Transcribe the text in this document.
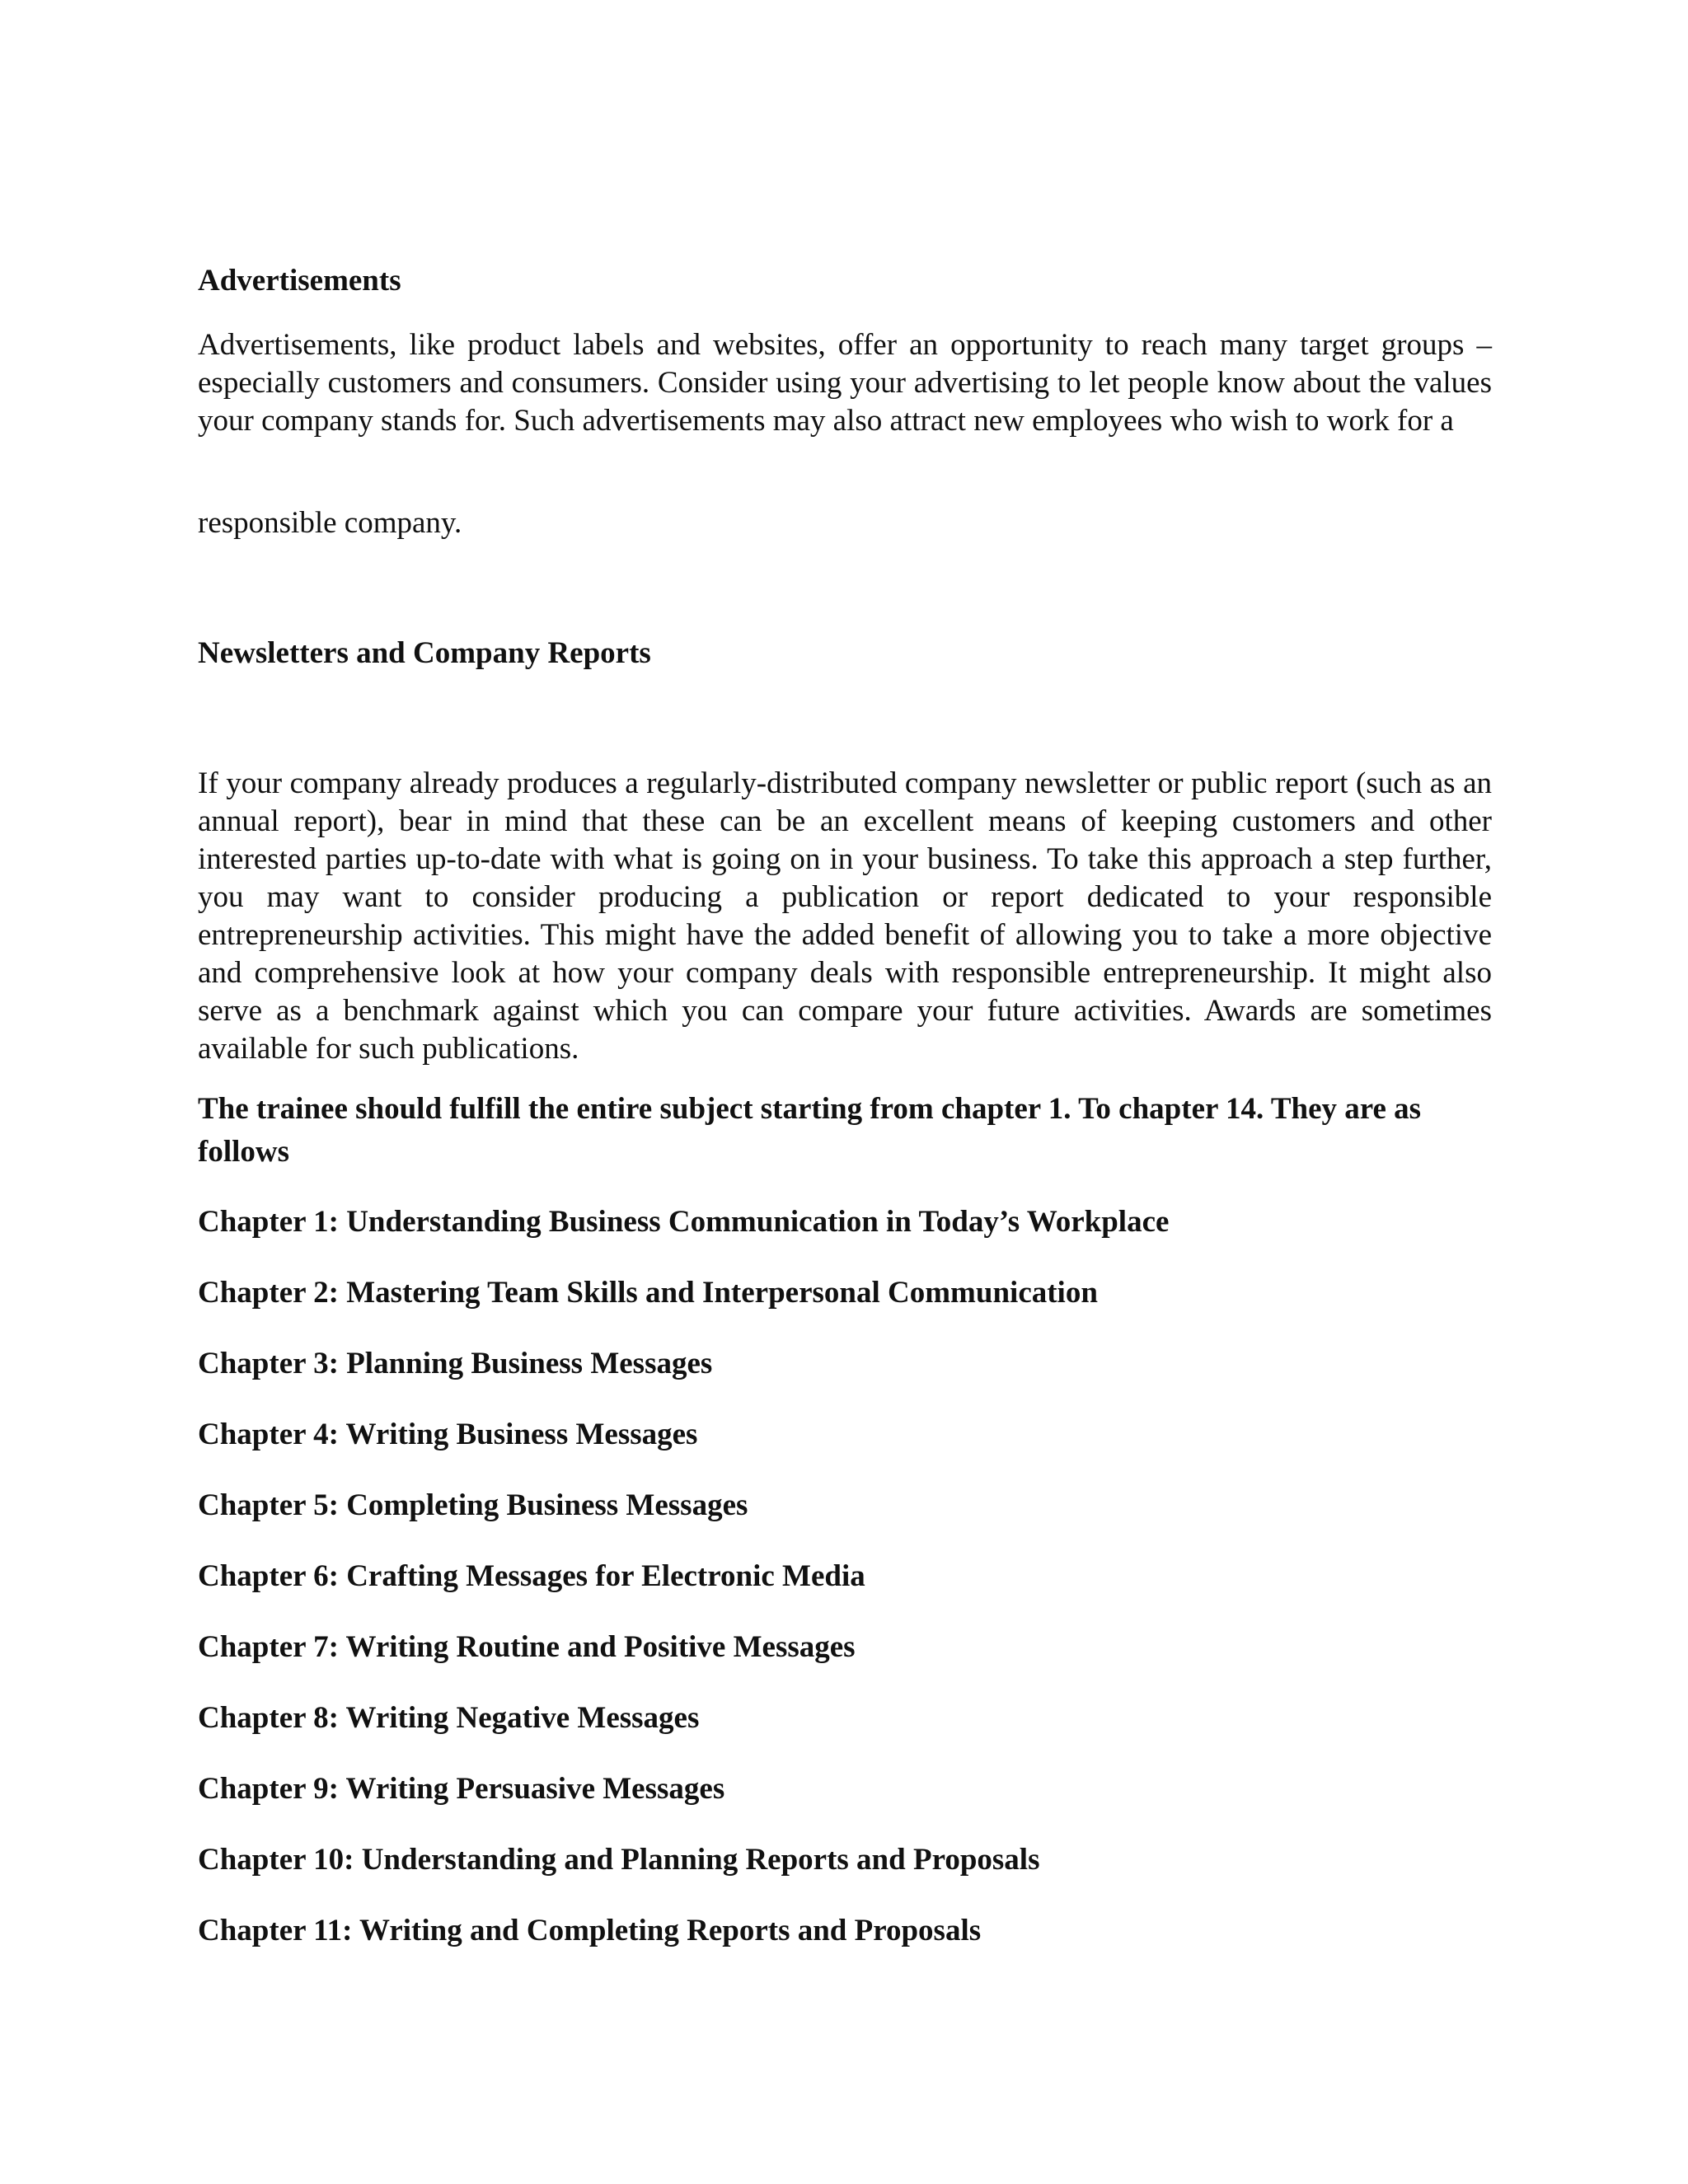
Advertisements

Advertisements, like product labels and websites, offer an opportunity to reach many target groups – especially customers and consumers. Consider using your advertising to let people know about the values your company stands for. Such advertisements may also attract new employees who wish to work for a

responsible company.

Newsletters and Company Reports

If your company already produces a regularly-distributed company newsletter or public report (such as an annual report), bear in mind that these can be an excellent means of keeping customers and other interested parties up-to-date with what is going on in your business. To take this approach a step further, you may want to consider producing a publication or report dedicated to your responsible entrepreneurship activities. This might have the added benefit of allowing you to take a more objective and comprehensive look at how your company deals with responsible entrepreneurship. It might also serve as a benchmark against which you can compare your future activities. Awards are sometimes available for such publications.

The trainee should fulfill the entire subject starting from chapter 1. To chapter 14. They are as follows

Chapter 1: Understanding Business Communication in Today’s Workplace

Chapter 2: Mastering Team Skills and Interpersonal Communication

Chapter 3: Planning Business Messages

Chapter 4: Writing Business Messages

Chapter 5: Completing Business Messages

Chapter 6: Crafting Messages for Electronic Media

Chapter 7: Writing Routine and Positive Messages

Chapter 8: Writing Negative Messages

Chapter 9: Writing Persuasive Messages

Chapter 10: Understanding and Planning Reports and Proposals

Chapter 11: Writing and Completing Reports and Proposals
